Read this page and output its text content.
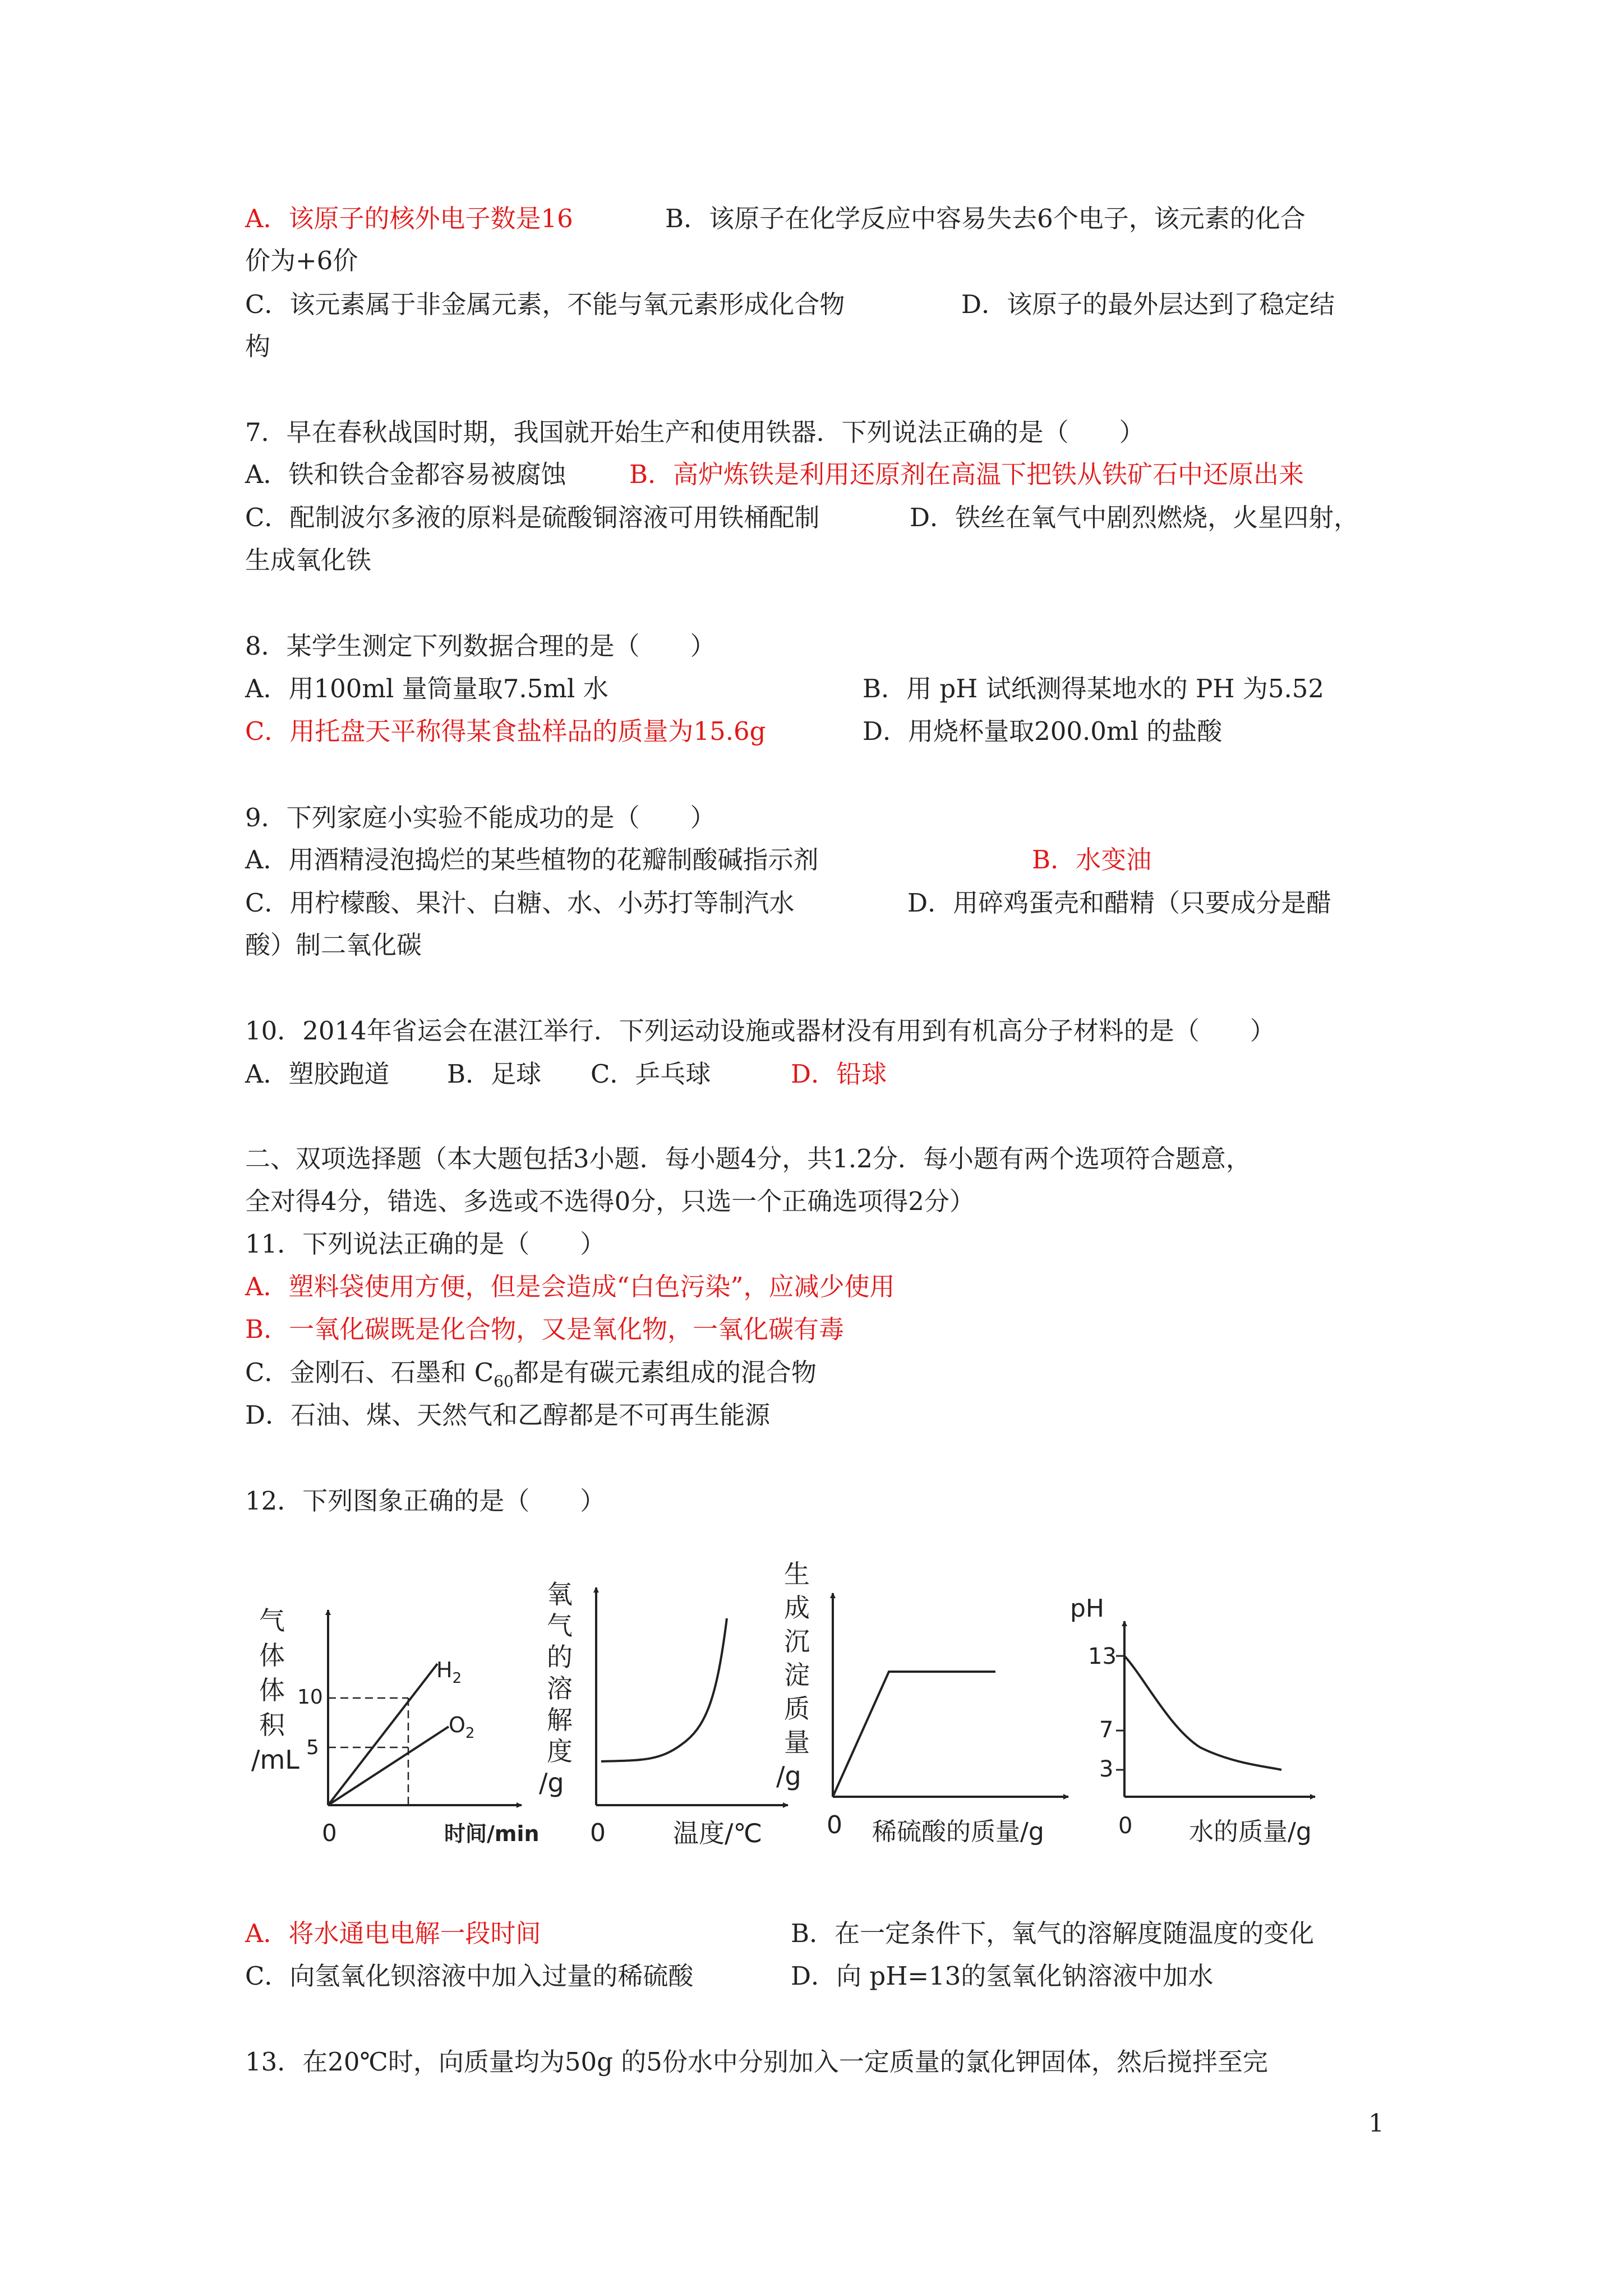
A．该原子的核外电子数是16	B．该原子在化学反应中容易失去6个电子，该元素的化合
价为+6价
C．该元素属于非金属元素，不能与氧元素形成化合物	D．该原子的最外层达到了稳定结
构
7．早在春秋战国时期，我国就开始生产和使用铁器．下列说法正确的是（　　）
A．铁和铁合金都容易被腐蚀	B．高炉炼铁是利用还原剂在高温下把铁从铁矿石中还原出来
C．配制波尔多液的原料是硫酸铜溶液可用铁桶配制	D．铁丝在氧气中剧烈燃烧，火星四射，
生成氧化铁
8．某学生测定下列数据合理的是（　　）
A．用100ml 量筒量取7.5ml 水	B．用 pH 试纸测得某地水的 PH 为5.52
C．用托盘天平称得某食盐样品的质量为15.6g	D．用烧杯量取200.0ml 的盐酸
9．下列家庭小实验不能成功的是（　　）
A．用酒精浸泡捣烂的某些植物的花瓣制酸碱指示剂	B．水变油
C．用柠檬酸、果汁、白糖、水、小苏打等制汽水	D．用碎鸡蛋壳和醋精（只要成分是醋
酸）制二氧化碳
10．2014年省运会在湛江举行．下列运动设施或器材没有用到有机高分子材料的是（　　）
A．塑胶跑道 B．足球 C．乒乓球	D．铅球
二、双项选择题（本大题包括3小题．每小题4分，共1.2分．每小题有两个选项符合题意，
全对得4分，错选、多选或不选得0分，只选一个正确选项得2分）
11．下列说法正确的是（　　）
A．塑料袋使用方便，但是会造成“白色污染”，应减少使用
B．一氧化碳既是化合物，又是氧化物，一氧化碳有毒
C．金刚石、石墨和 $C_{60}$都是有碳元素组成的混合物
D．石油、煤、天然气和乙醇都是不可再生能源
12．下列图象正确的是（　　）
气
体
体
积
/mL
0	时间/min
10
5
$H_2$
$O_2$
氧
气
的
溶
解
度
/g
0	温度/℃
生
成
沉
淀
质
量
/g
0 稀硫酸的质量/g
pH
13
7
3
0 水的质量/g
A．将水通电电解一段时间	B．在一定条件下，氧气的溶解度随温度的变化
C．向氢氧化钡溶液中加入过量的稀硫酸	D．向 pH=13的氢氧化钠溶液中加水
13．在20℃时，向质量均为50g 的5份水中分别加入一定质量的氯化钾固体，然后搅拌至完
1
